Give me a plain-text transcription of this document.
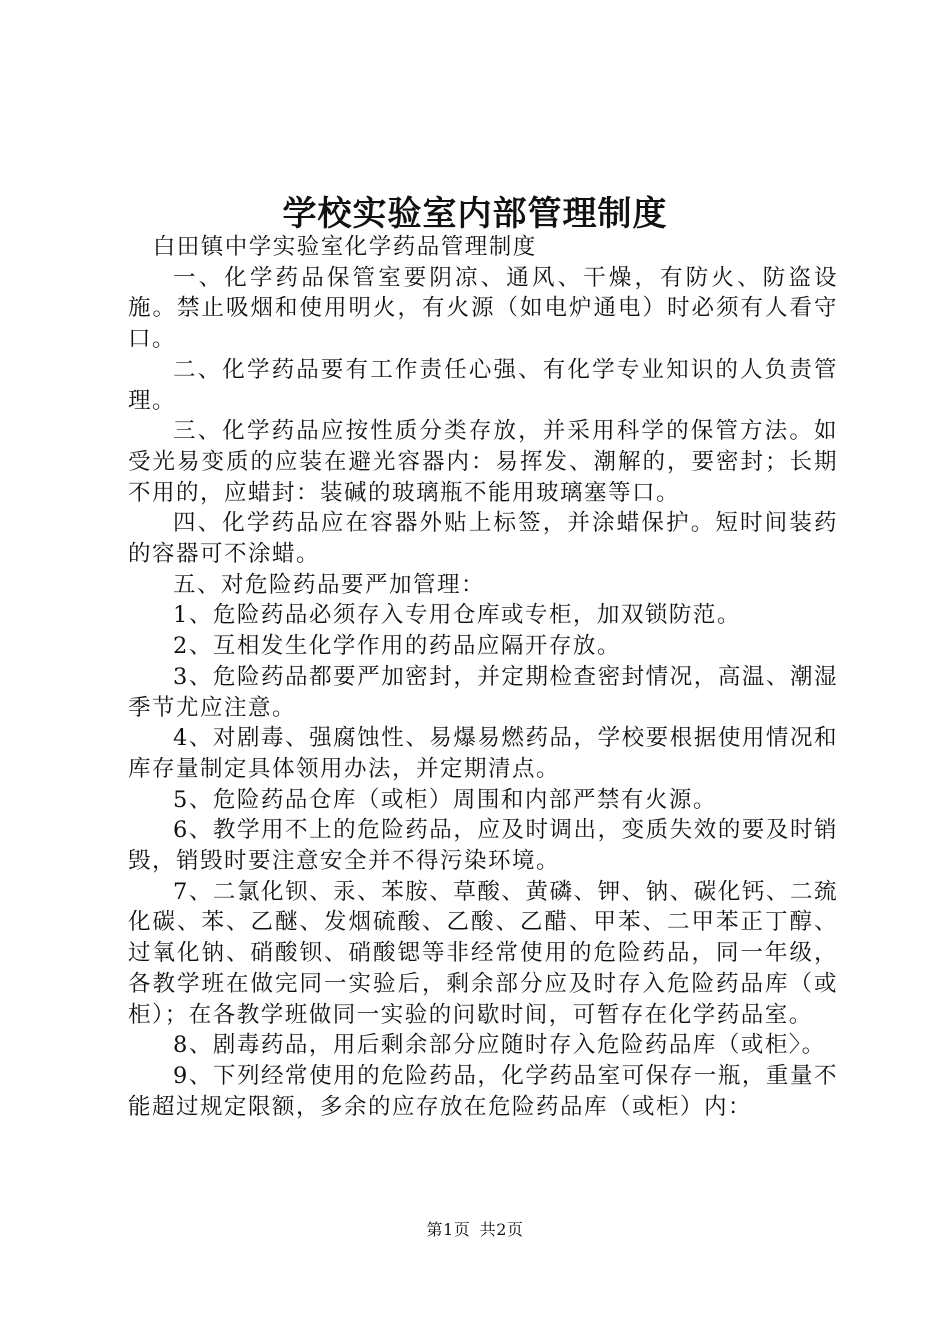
学校实验室内部管理制度

白田镇中学实验室化学药品管理制度

一、化学药品保管室要阴凉、通风、干燥，有防火、防盗设施。禁止吸烟和使用明火，有火源（如电炉通电）时必须有人看守口。

二、化学药品要有工作责任心强、有化学专业知识的人负责管理。

三、化学药品应按性质分类存放，并采用科学的保管方法。如受光易变质的应装在避光容器内：易挥发、潮解的，要密封；长期不用的，应蜡封：装碱的玻璃瓶不能用玻璃塞等口。

四、化学药品应在容器外贴上标签，并涂蜡保护。短时间装药的容器可不涂蜡。

五、对危险药品要严加管理：

1、危险药品必须存入专用仓库或专柜，加双锁防范。

2、互相发生化学作用的药品应隔开存放。

3、危险药品都要严加密封，并定期检查密封情况，高温、潮湿季节尤应注意。

4、对剧毒、强腐蚀性、易爆易燃药品，学校要根据使用情况和库存量制定具体领用办法，并定期清点。

5、危险药品仓库（或柜）周围和内部严禁有火源。

6、教学用不上的危险药品，应及时调出，变质失效的要及时销毁，销毁时要注意安全并不得污染环境。

7、二氯化钡、汞、苯胺、草酸、黄磷、钾、钠、碳化钙、二巯化碳、苯、乙醚、发烟硫酸、乙酸、乙醋、甲苯、二甲苯正丁醇、过氧化钠、硝酸钡、硝酸锶等非经常使用的危险药品，同一年级，各教学班在做完同一实验后，剩余部分应及时存入危险药品库（或柜）；在各教学班做同一实验的问歇时间，可暂存在化学药品室。

8、剧毒药品，用后剩余部分应随时存入危险药品库（或柜〉。

9、下列经常使用的危险药品，化学药品室可保存一瓶，重量不能超过规定限额，多余的应存放在危险药品库（或柜）内：

第1页 共2页
